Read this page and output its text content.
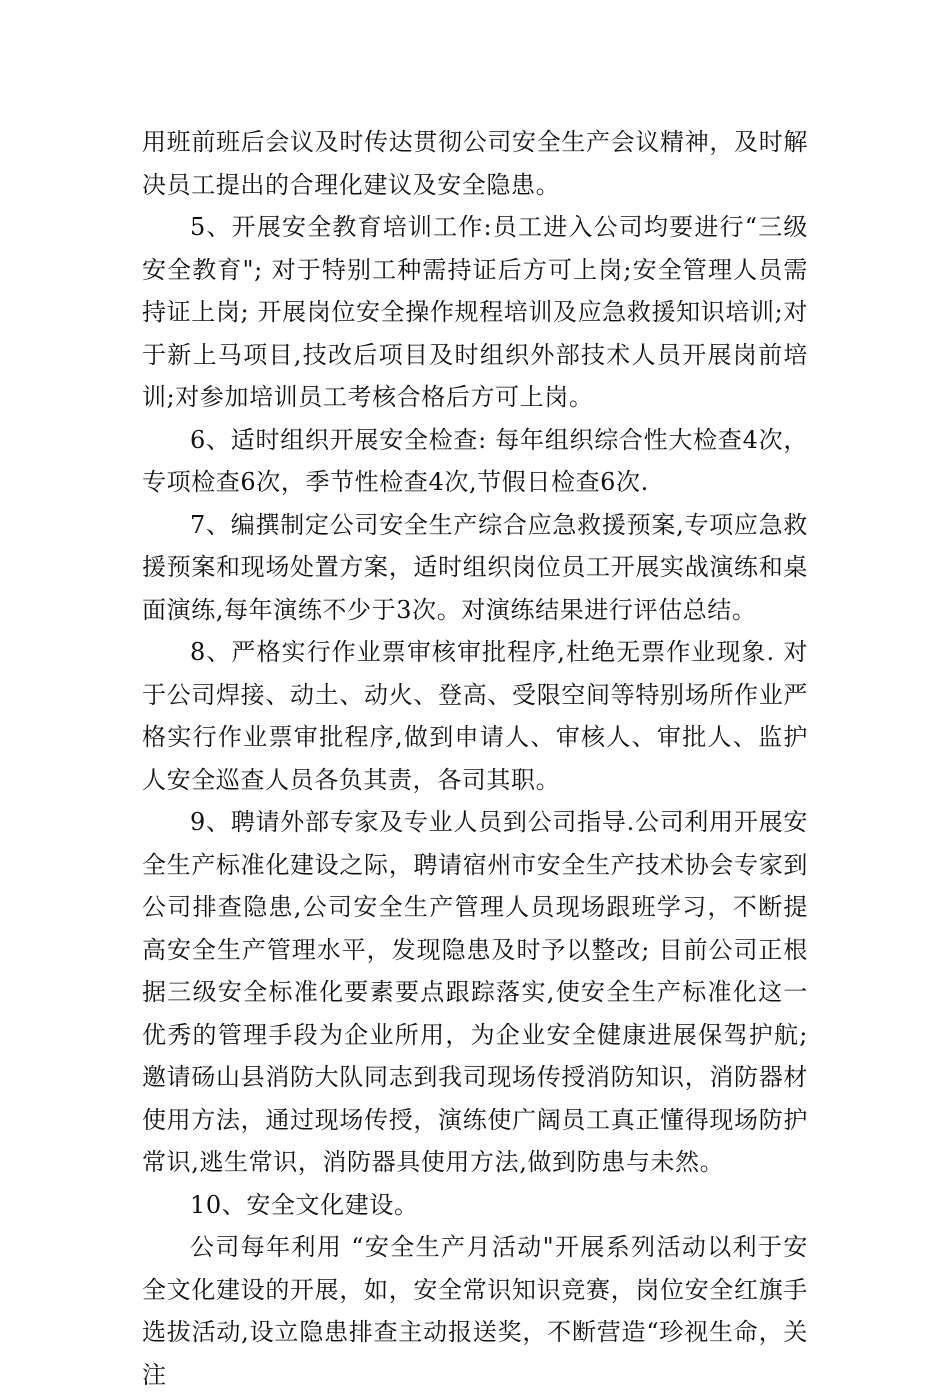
用班前班后会议及时传达贯彻公司安全生产会议精神，及时解决员工提出的合理化建议及安全隐患。

5、开展安全教育培训工作:员工进入公司均要进行“三级安全教育"; 对于特别工种需持证后方可上岗;安全管理人员需持证上岗; 开展岗位安全操作规程培训及应急救援知识培训;对于新上马项目,技改后项目及时组织外部技术人员开展岗前培训;对参加培训员工考核合格后方可上岗。

6、适时组织开展安全检查: 每年组织综合性大检查4次，专项检查6次，季节性检查4次,节假日检查6次.

7、编撰制定公司安全生产综合应急救援预案,专项应急救援预案和现场处置方案，适时组织岗位员工开展实战演练和桌面演练,每年演练不少于3次。对演练结果进行评估总结。

8、严格实行作业票审核审批程序,杜绝无票作业现象. 对于公司焊接、动土、动火、登高、受限空间等特别场所作业严格实行作业票审批程序,做到申请人、审核人、审批人、监护人安全巡查人员各负其责，各司其职。

9、聘请外部专家及专业人员到公司指导.公司利用开展安全生产标准化建设之际，聘请宿州市安全生产技术协会专家到公司排查隐患,公司安全生产管理人员现场跟班学习，不断提高安全生产管理水平，发现隐患及时予以整改; 目前公司正根据三级安全标准化要素要点跟踪落实,使安全生产标准化这一优秀的管理手段为企业所用，为企业安全健康进展保驾护航;邀请砀山县消防大队同志到我司现场传授消防知识，消防器材使用方法，通过现场传授，演练使广阔员工真正懂得现场防护常识,逃生常识，消防器具使用方法,做到防患与未然。

10、安全文化建设。

公司每年利用 “安全生产月活动"开展系列活动以利于安全文化建设的开展，如，安全常识知识竞赛，岗位安全红旗手选拔活动,设立隐患排查主动报送奖，不断营造“珍视生命，关注
